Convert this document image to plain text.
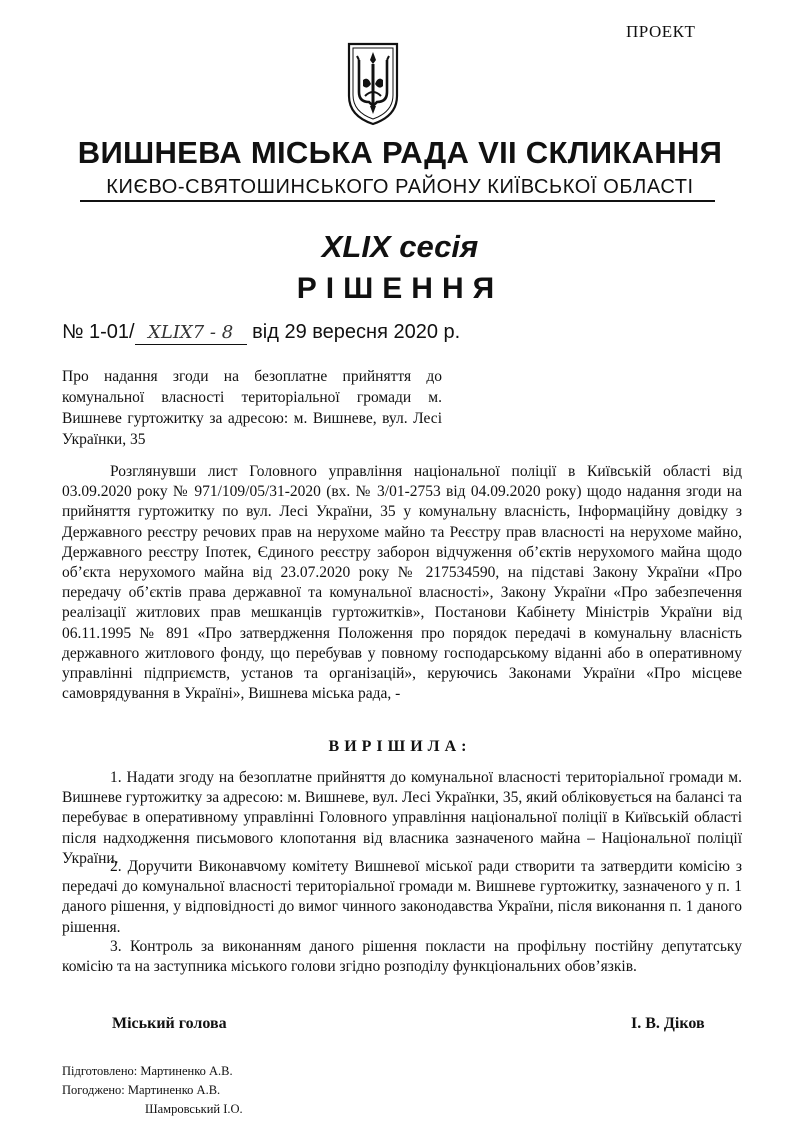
ПРОЕКТ
ВИШНЕВА МІСЬКА РАДА VII СКЛИКАННЯ
КИЄВО-СВЯТОШИНСЬКОГО РАЙОНУ КИЇВСЬКОЇ ОБЛАСТІ
XLIX сесія
РІШЕННЯ
№ 1-01/ XLIX7 - 8 від 29 вересня 2020 р.
Про надання згоди на безоплатне прийняття до комунальної власності територіальної громади м. Вишневе гуртожитку за адресою: м. Вишневе, вул. Лесі Українки, 35
Розглянувши лист Головного управління національної поліції в Київській області від 03.09.2020 року № 971/109/05/31-2020 (вх. № 3/01-2753 від 04.09.2020 року) щодо надання згоди на прийняття гуртожитку по вул. Лесі України, 35 у комунальну власність, Інформаційну довідку з Державного реєстру речових прав на нерухоме майно та Реєстру прав власності на нерухоме майно, Державного реєстру Іпотек, Єдиного реєстру заборон відчуження об’єктів нерухомого майна щодо об’єкта нерухомого майна від 23.07.2020 року № 217534590, на підставі Закону України «Про передачу об’єктів права державної та комунальної власності», Закону України «Про забезпечення реалізації житлових прав мешканців гуртожитків», Постанови Кабінету Міністрів України від 06.11.1995 № 891 «Про затвердження Положення про порядок передачі в комунальну власність державного житлового фонду, що перебував у повному господарському віданні або в оперативному управлінні підприємств, установ та організацій», керуючись Законами України «Про місцеве самоврядування в Україні», Вишнева міська рада, -
ВИРІШИЛА:
1. Надати згоду на безоплатне прийняття до комунальної власності територіальної громади м. Вишневе гуртожитку за адресою: м. Вишневе, вул. Лесі Українки, 35, який обліковується на балансі та перебуває в оперативному управлінні Головного управління національної поліції в Київській області після надходження письмового клопотання від власника зазначеного майна – Національної поліції України.
2. Доручити Виконавчому комітету Вишневої міської ради створити та затвердити комісію з передачі до комунальної власності територіальної громади м. Вишневе гуртожитку, зазначеного у п. 1 даного рішення, у відповідності до вимог чинного законодавства України, після виконання п. 1 даного рішення.
3. Контроль за виконанням даного рішення покласти на профільну постійну депутатську комісію та на заступника міського голови згідно розподілу функціональних обов’язків.
Міський голова	І. В. Діков
Підготовлено: Мартиненко А.В.
Погоджено: Мартиненко А.В.
Шамровський І.О.
